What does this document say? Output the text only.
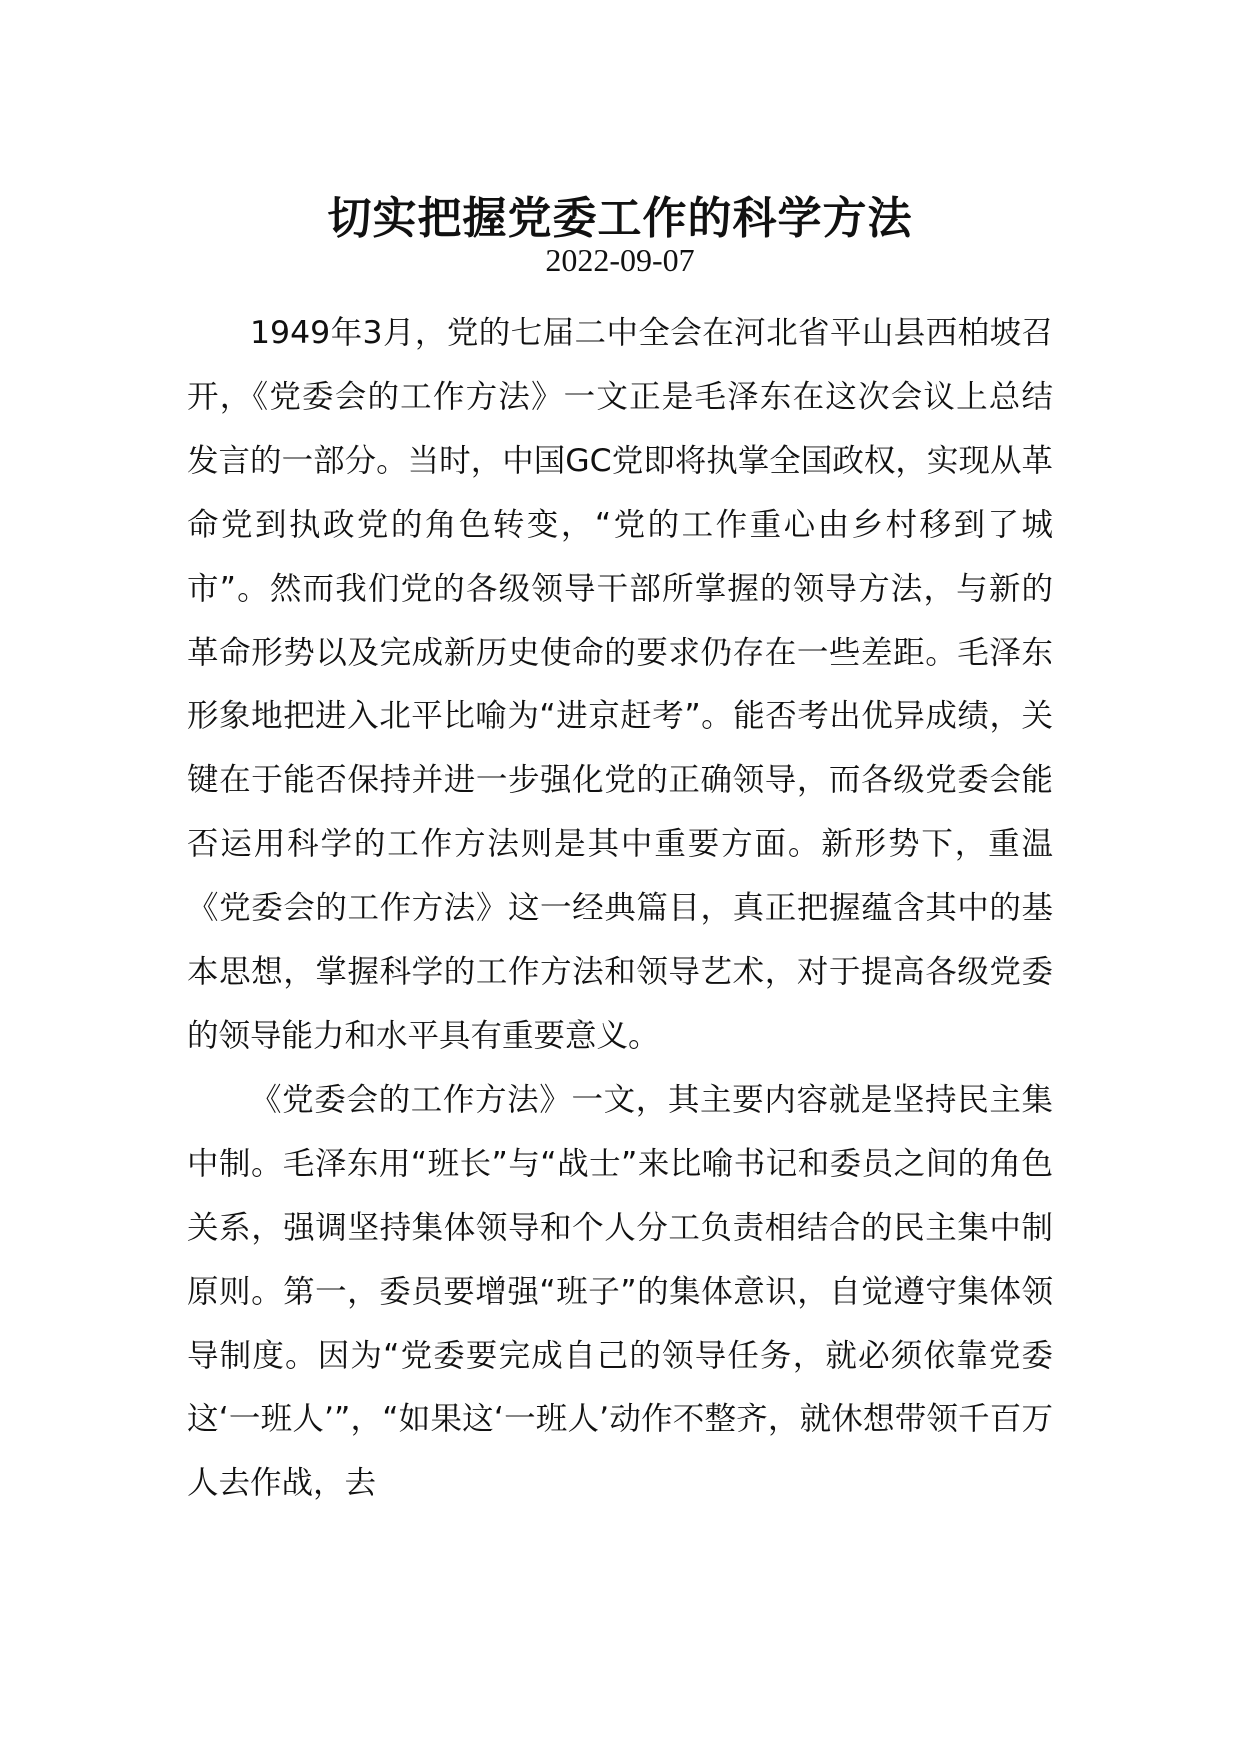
切实把握党委工作的科学方法
2022-09-07

1949年3月，党的七届二中全会在河北省平山县西柏坡召开，《党委会的工作方法》一文正是毛泽东在这次会议上总结发言的一部分。当时，中国GC党即将执掌全国政权，实现从革命党到执政党的角色转变，“党的工作重心由乡村移到了城市”。然而我们党的各级领导干部所掌握的领导方法，与新的革命形势以及完成新历史使命的要求仍存在一些差距。毛泽东形象地把进入北平比喻为“进京赶考”。能否考出优异成绩，关键在于能否保持并进一步强化党的正确领导，而各级党委会能否运用科学的工作方法则是其中重要方面。新形势下，重温《党委会的工作方法》这一经典篇目，真正把握蕴含其中的基本思想，掌握科学的工作方法和领导艺术，对于提高各级党委的领导能力和水平具有重要意义。

《党委会的工作方法》一文，其主要内容就是坚持民主集中制。毛泽东用“班长”与“战士”来比喻书记和委员之间的角色关系，强调坚持集体领导和个人分工负责相结合的民主集中制原则。第一，委员要增强“班子”的集体意识，自觉遵守集体领导制度。因为“党委要完成自己的领导任务，就必须依靠党委这‘一班人’”，“如果这‘一班人’动作不整齐，就休想带领千百万人去作战，去
